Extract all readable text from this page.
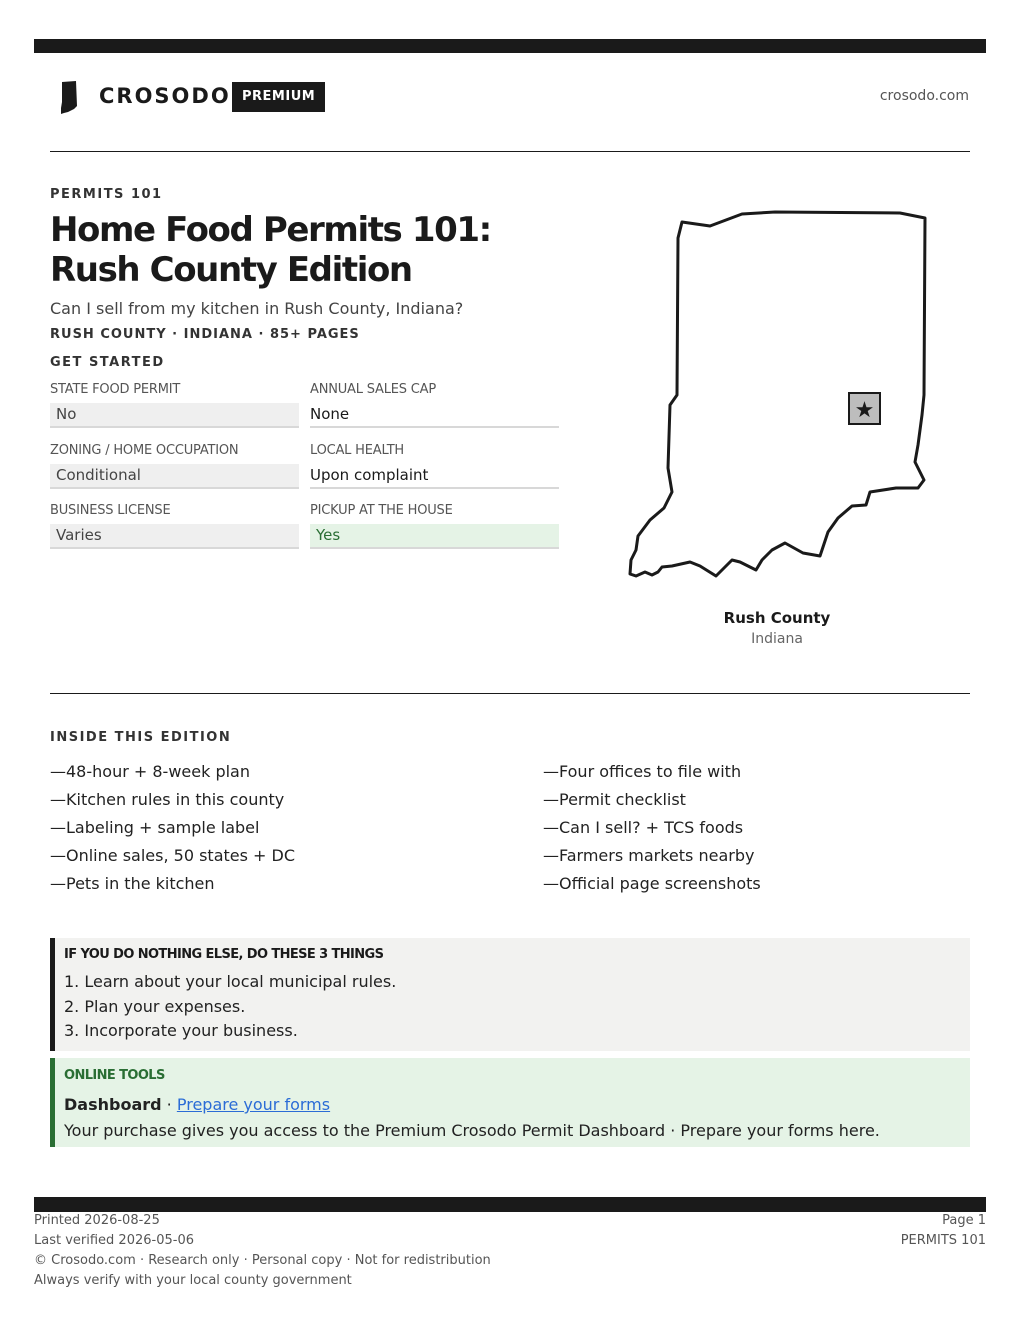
CROSODO PREMIUM	crosodo.com
PERMITS 101
Home Food Permits 101: Rush County Edition
Can I sell from my kitchen in Rush County, Indiana?
RUSH COUNTY · INDIANA · 85+ PAGES
GET STARTED
STATE FOOD PERMIT
No
ANNUAL SALES CAP
None
ZONING / HOME OCCUPATION
Conditional
LOCAL HEALTH
Upon complaint
BUSINESS LICENSE
Varies
PICKUP AT THE HOUSE
Yes
★
Rush County
Indiana
INSIDE THIS EDITION
—48-hour + 8-week plan
—Kitchen rules in this county
—Labeling + sample label
—Online sales, 50 states + DC
—Pets in the kitchen
—Four offices to file with
—Permit checklist
—Can I sell? + TCS foods
—Farmers markets nearby
—Official page screenshots
IF YOU DO NOTHING ELSE, DO THESE 3 THINGS
1. Learn about your local municipal rules.
2. Plan your expenses.
3. Incorporate your business.
ONLINE TOOLS
Dashboard · Prepare your forms
Your purchase gives you access to the Premium Crosodo Permit Dashboard · Prepare your forms here.
Printed 2026-08-25
Last verified 2026-05-06
© Crosodo.com · Research only · Personal copy · Not for redistribution
Always verify with your local county government
Page 1
PERMITS 101
